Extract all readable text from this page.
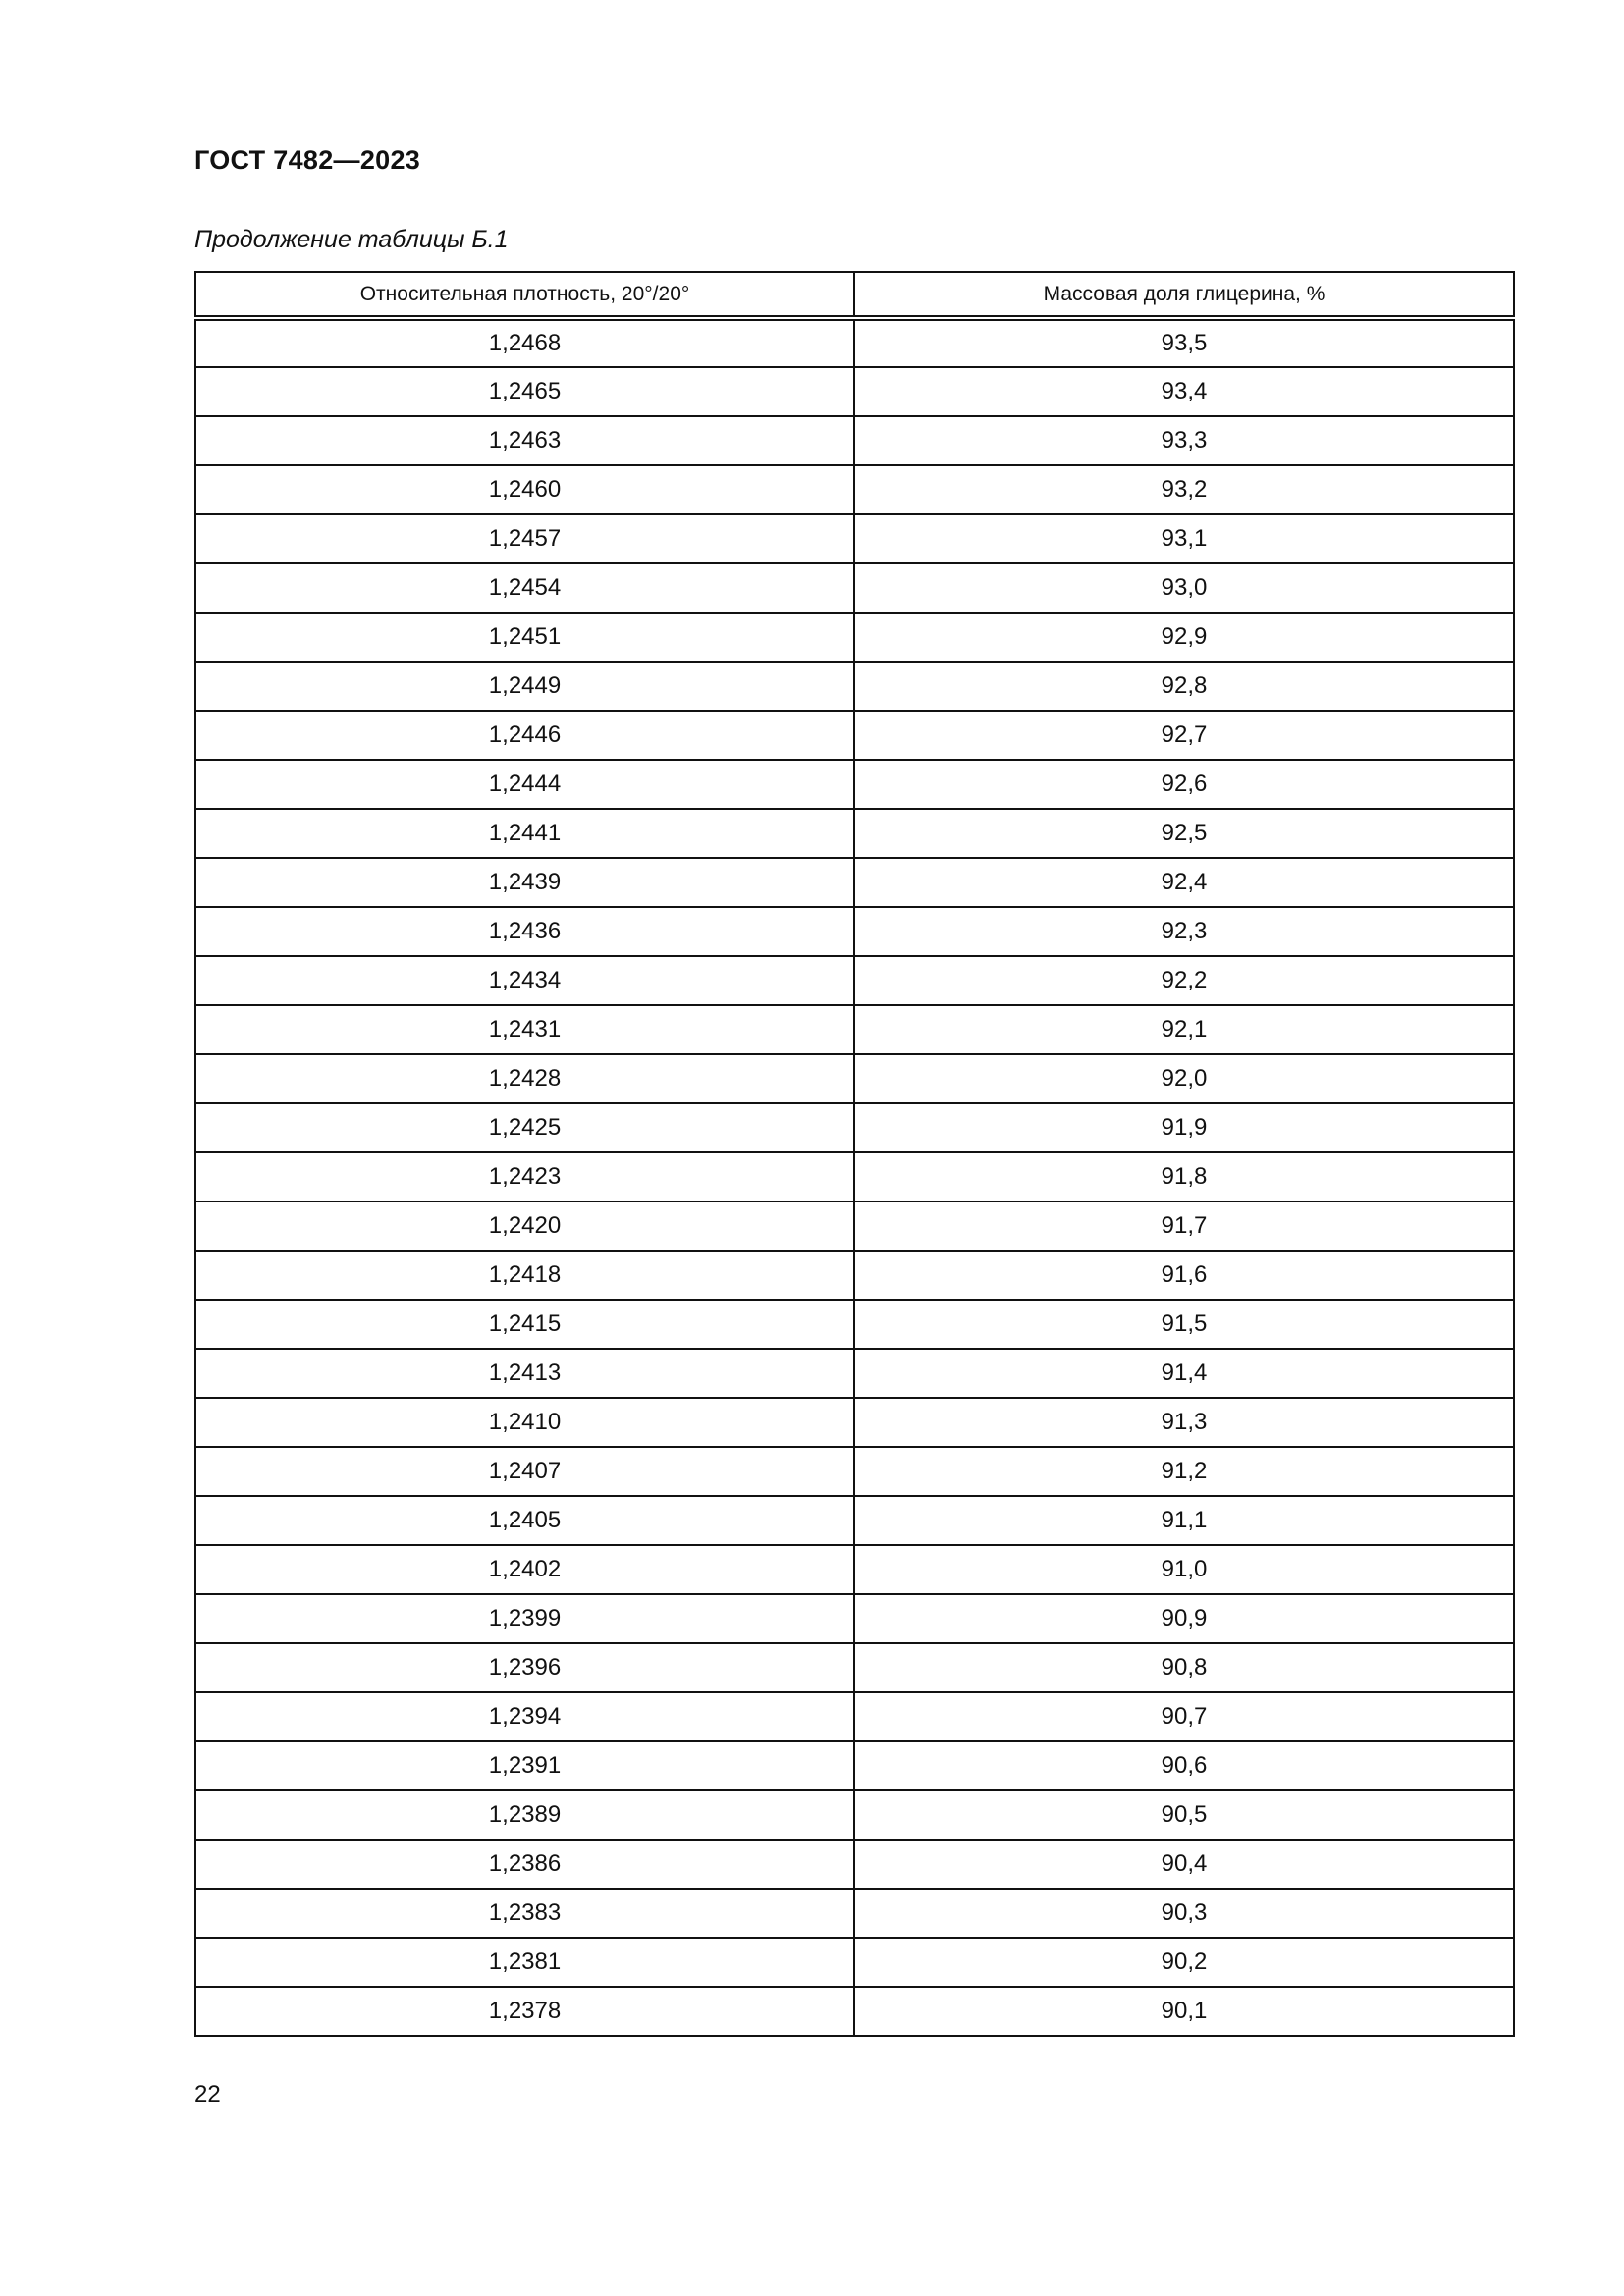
ГОСТ 7482—2023
Продолжение таблицы Б.1
Относительная плотность, 20°/20°	Массовая доля глицерина, %
1,2468	93,5
1,2465	93,4
1,2463	93,3
1,2460	93,2
1,2457	93,1
1,2454	93,0
1,2451	92,9
1,2449	92,8
1,2446	92,7
1,2444	92,6
1,2441	92,5
1,2439	92,4
1,2436	92,3
1,2434	92,2
1,2431	92,1
1,2428	92,0
1,2425	91,9
1,2423	91,8
1,2420	91,7
1,2418	91,6
1,2415	91,5
1,2413	91,4
1,2410	91,3
1,2407	91,2
1,2405	91,1
1,2402	91,0
1,2399	90,9
1,2396	90,8
1,2394	90,7
1,2391	90,6
1,2389	90,5
1,2386	90,4
1,2383	90,3
1,2381	90,2
1,2378	90,1
22
